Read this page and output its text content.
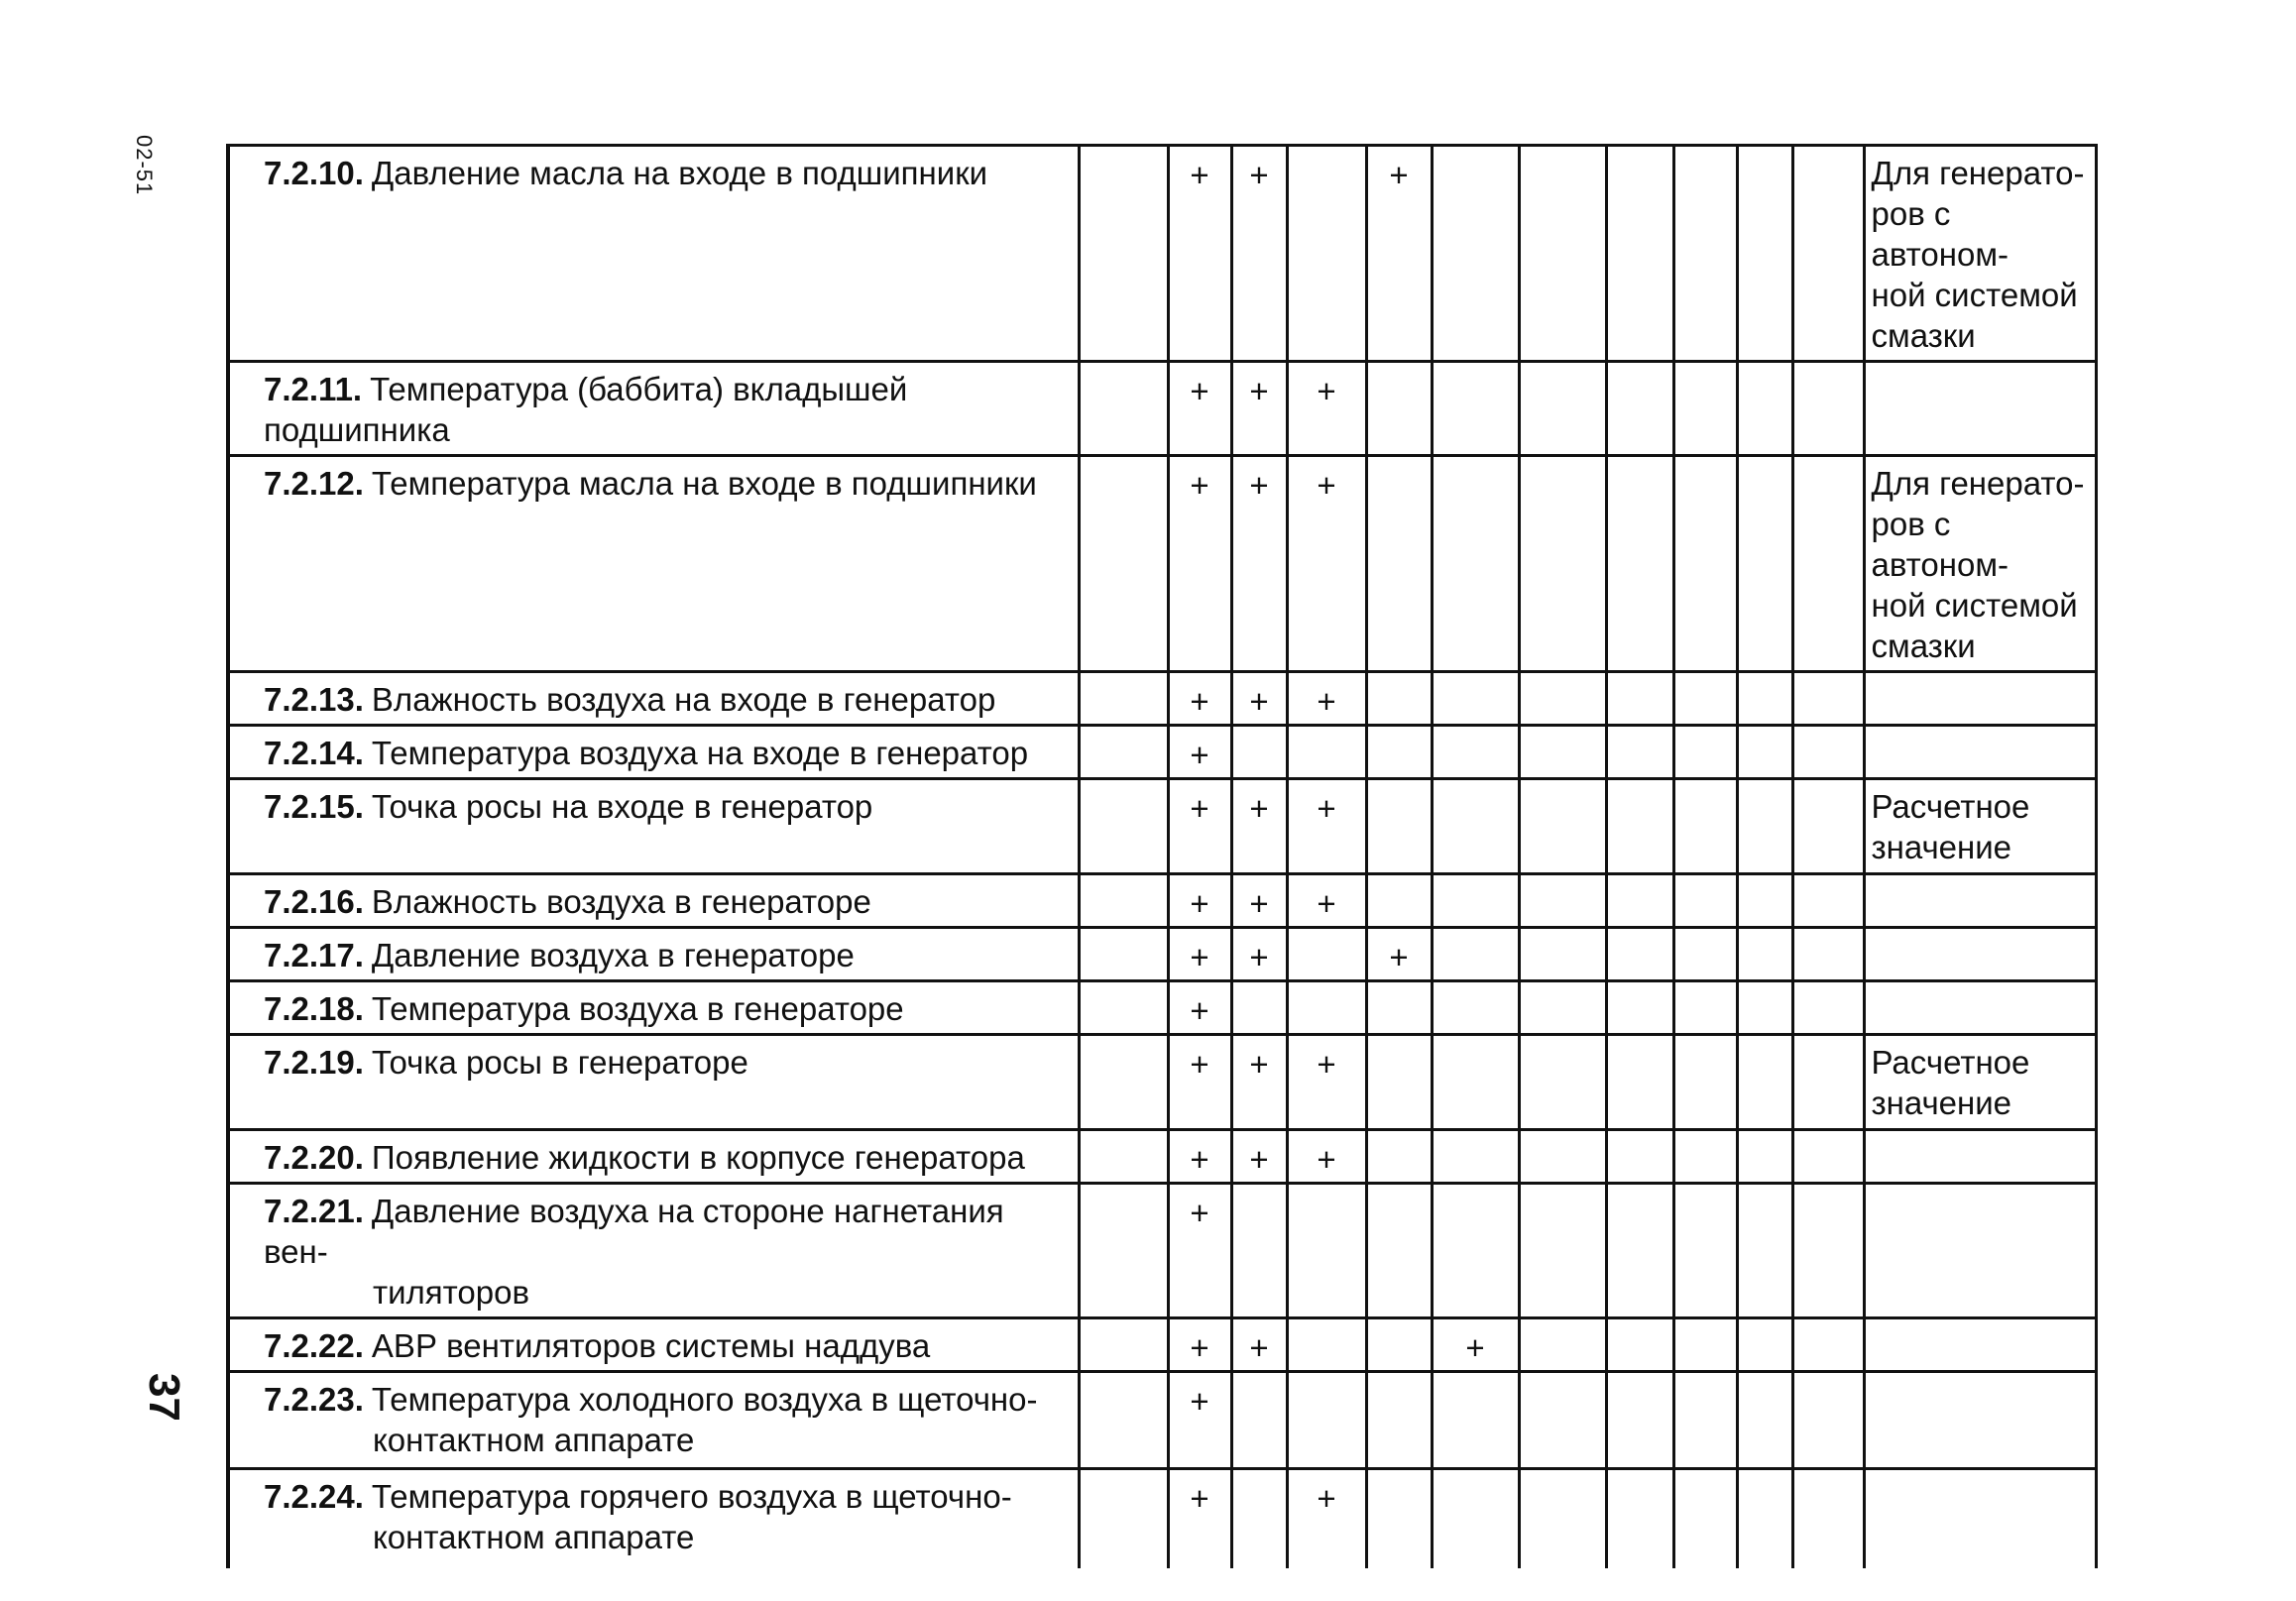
02-51
37
7.2.10. Давление масла на входе в подшипники		+	+		+							Для генерато-
ров с автоном-
ной системой
смазки

7.2.11. Температура (баббита) вкладышей подшипника		+	+	+								
7.2.12. Температура масла на входе в подшипники		+	+	+								Для генерато-
ров с автоном-
ной системой
смазки

7.2.13. Влажность воздуха на входе в генератор		+	+	+								
7.2.14. Температура воздуха на входе в генератор		+										
7.2.15. Точка росы на входе в генератор		+	+	+								Расчетное
значение

7.2.16. Влажность воздуха в генераторе		+	+	+								
7.2.17. Давление воздуха в генераторе		+	+		+							
7.2.18. Температура воздуха в генераторе		+										
7.2.19. Точка росы в генераторе		+	+	+								Расчетное
значение

7.2.20. Появление жидкости в корпусе генератора		+	+	+								
7.2.21. Давление воздуха на стороне нагнетания вен-
тиляторов		+										
7.2.22. АВР вентиляторов системы наддува		+	+			+						
7.2.23. Температура холодного воздуха в щеточно-
контактном аппарате		+										
7.2.24. Температура горячего воздуха в щеточно-
контактном аппарате		+		+								
